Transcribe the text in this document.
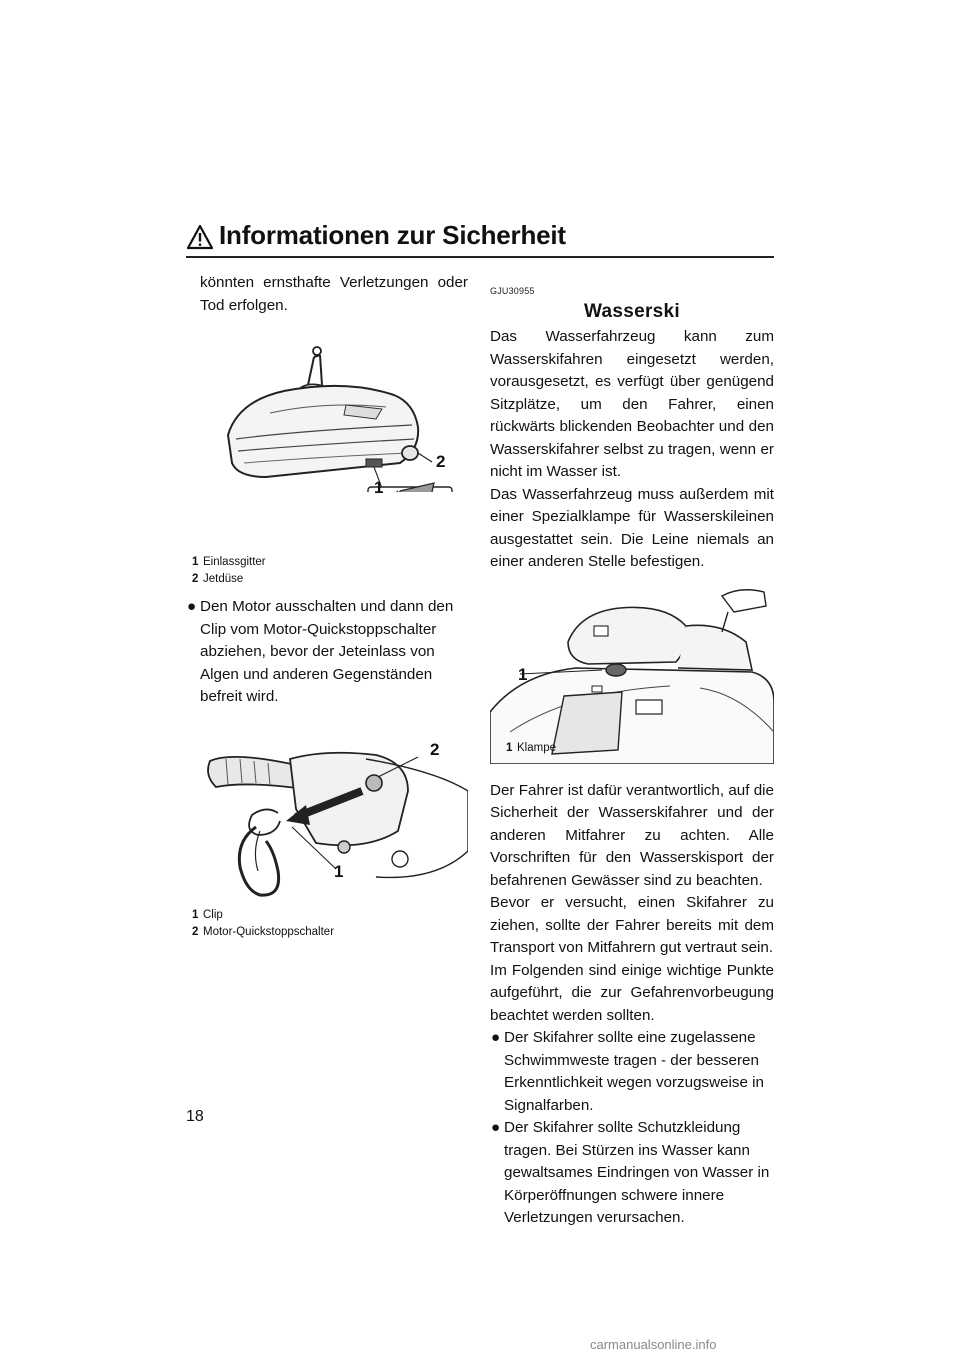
Informationen zur Sicherheit

könnten ernsthafte Verletzungen oder Tod erfolgen.

2
1
1 Einlassgitter
2 Jetdüse

● Den Motor ausschalten und dann den Clip vom Motor-Quickstoppschalter abziehen, bevor der Jeteinlass von Algen und anderen Gegenständen befreit wird.

2
1
1 Clip
2 Motor-Quickstoppschalter
GJU30955
Wasserski

Das Wasserfahrzeug kann zum Wasserskifahren eingesetzt werden, vorausgesetzt, es verfügt über genügend Sitzplätze, um den Fahrer, einen rückwärts blickenden Beobachter und den Wasserskifahrer selbst zu tragen, wenn er nicht im Wasser ist.

Das Wasserfahrzeug muss außerdem mit einer Spezialklampe für Wasserskileinen ausgestattet sein. Die Leine niemals an einer anderen Stelle befestigen.

1
1 Klampe

Der Fahrer ist dafür verantwortlich, auf die Sicherheit der Wasserskifahrer und der anderen Mitfahrer zu achten. Alle Vorschriften für den Wasserskisport der befahrenen Gewässer sind zu beachten.

Bevor er versucht, einen Skifahrer zu ziehen, sollte der Fahrer bereits mit dem Transport von Mitfahrern gut vertraut sein.

Im Folgenden sind einige wichtige Punkte aufgeführt, die zur Gefahrenvorbeugung beachtet werden sollten.

● Der Skifahrer sollte eine zugelassene Schwimmweste tragen - der besseren Erkenntlichkeit wegen vorzugsweise in Signalfarben.

● Der Skifahrer sollte Schutzkleidung tragen. Bei Stürzen ins Wasser kann gewaltsames Eindringen von Wasser in Körperöffnungen schwere innere Verletzungen verursachen.

18
carmanualsonline.info
